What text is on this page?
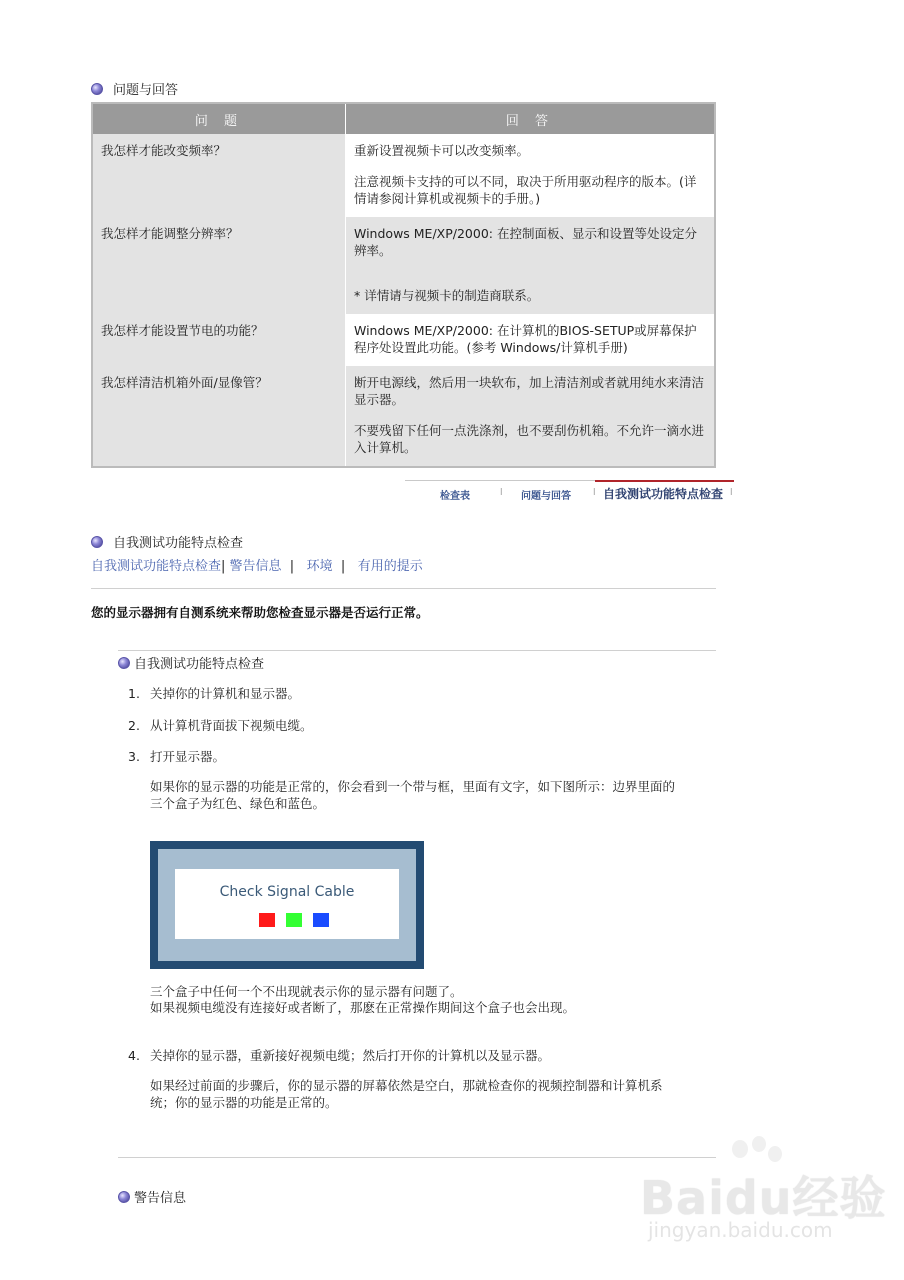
问题与回答
问 题	回 答
我怎样才能改变频率？	重新设置视频卡可以改变频率。

注意视频卡支持的可以不同，取决于所用驱动程序的版本。(详情请参阅计算机或视频卡的手册。)

我怎样才能调整分辨率？	Windows ME/XP/2000: 在控制面板、显示和设置等处设定分辨率。

* 详情请与视频卡的制造商联系。

我怎样才能设置节电的功能？	Windows ME/XP/2000: 在计算机的BIOS-SETUP或屏幕保护程序处设置此功能。(参考 Windows/计算机手册)

我怎样清洁机箱外面/显像管？	断开电源线，然后用一块软布，加上清洁剂或者就用纯水来清洁显示器。

不要残留下任何一点洗涤剂，也不要刮伤机箱。不允许一滴水进入计算机。

检查表	l 问题与回答 l 自我测试功能特点检查 l
自我测试功能特点检查
自我测试功能特点检查| 警告信息  |   环境  |   有用的提示
您的显示器拥有自测系统来帮助您检查显示器是否运行正常。
自我测试功能特点检查
1. 关掉你的计算机和显示器。
2. 从计算机背面拔下视频电缆。
3. 打开显示器。
如果你的显示器的功能是正常的，你会看到一个带与框，里面有文字，如下图所示：边界里面的三个盒子为红色、绿色和蓝色。
Check Signal Cable
三个盒子中任何一个不出现就表示你的显示器有问题了。
如果视频电缆没有连接好或者断了，那麽在正常操作期间这个盒子也会出现。
4. 关掉你的显示器，重新接好视频电缆；然后打开你的计算机以及显示器。
如果经过前面的步骤后，你的显示器的屏幕依然是空白，那就检查你的视频控制器和计算机系统；你的显示器的功能是正常的。
警告信息	Baidu经验
jingyan.baidu.com
